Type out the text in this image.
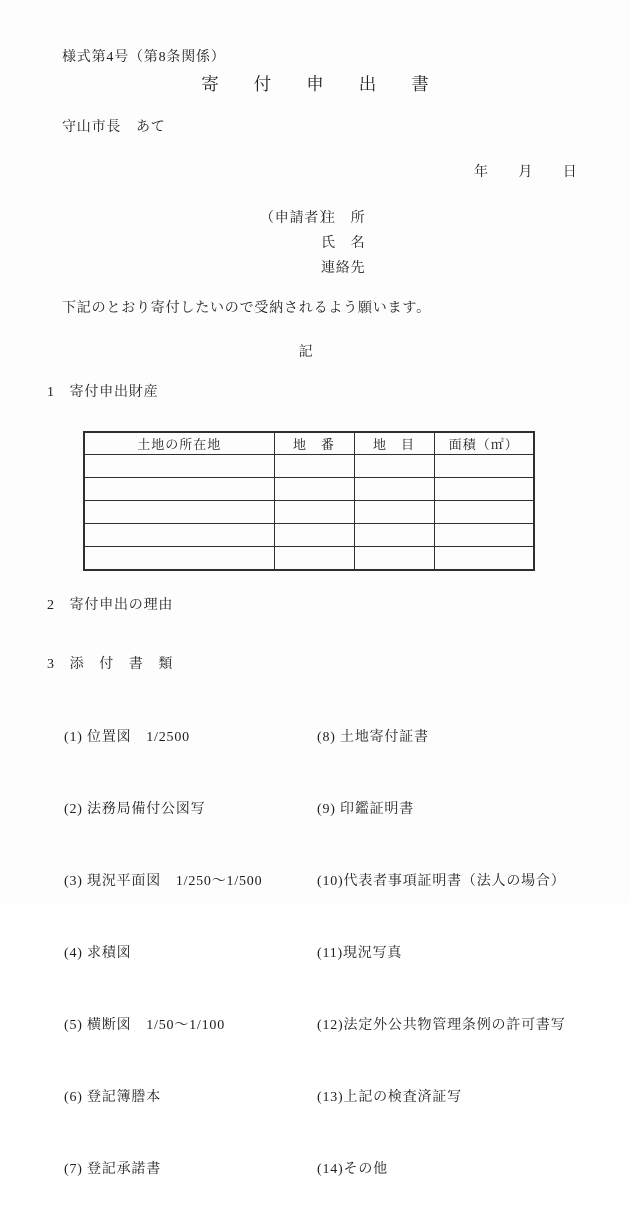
様式第4号（第8条関係）
寄　　付　　申　　出　　書
守山市長　あて
年　　月　　日
（申請者）
住　所
氏　名
連絡先
下記のとおり寄付したいので受納されるよう願います。
記
1　寄付申出財産
土地の所在地	地　番	地　目	面積（㎡）

2　寄付申出の理由
3　添　付　書　類

(1) 位置図　1/2500

(2) 法務局備付公図写

(3) 現況平面図　1/250～1/500

(4) 求積図

(5) 横断図　1/50～1/100

(6) 登記簿謄本

(7) 登記承諾書

(8) 土地寄付証書

(9) 印鑑証明書

(10)代表者事項証明書（法人の場合）

(11)現況写真

(12)法定外公共物管理条例の許可書写

(13)上記の検査済証写

(14)その他
